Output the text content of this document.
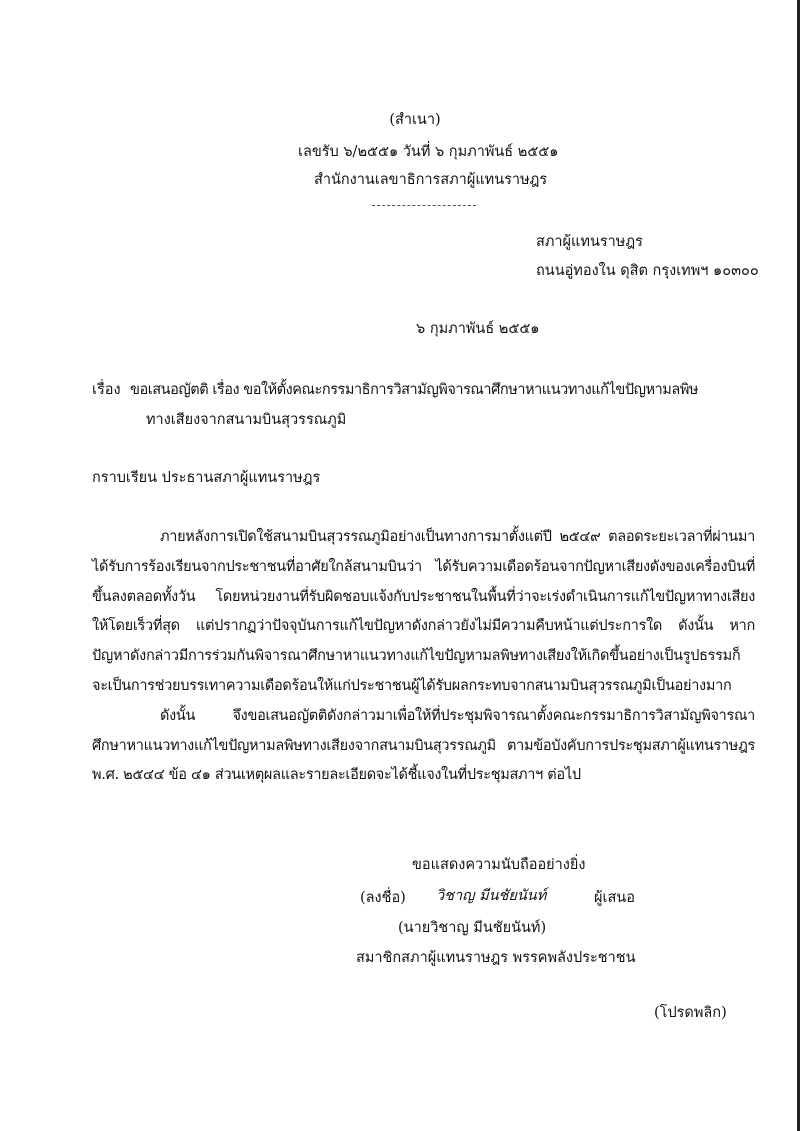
(สำเนา)
เลขรับ ๖/๒๕๕๑ วันที่ ๖ กุมภาพันธ์ ๒๕๕๑
สำนักงานเลขาธิการสภาผู้แทนราษฎร
สภาผู้แทนราษฎร
ถนนอู่ทองใน ดุสิต กรุงเทพฯ ๑๐๓๐๐
๖ กุมภาพันธ์ ๒๕๕๑
เรื่อง ขอเสนอญัตติ เรื่อง ขอให้ตั้งคณะกรรมาธิการวิสามัญพิจารณาศึกษาหาแนวทางแก้ไขปัญหามลพิษ
ทางเสียงจากสนามบินสุวรรณภูมิ
กราบเรียน ประธานสภาผู้แทนราษฎร

ภายหลังการเปิดใช้สนามบินสุวรรณภูมิอย่างเป็นทางการมาตั้งแต่ปี ๒๕๔๙ ตลอดระยะเวลาที่ผ่านมา ได้รับการร้องเรียนจากประชาชนที่อาศัยใกล้สนามบินว่า ได้รับความเดือดร้อนจากปัญหาเสียงดังของเครื่องบินที่ขึ้นลงตลอดทั้งวัน โดยหน่วยงานที่รับผิดชอบแจ้งกับประชาชนในพื้นที่ว่าจะเร่งดำเนินการแก้ไขปัญหาทางเสียงให้โดยเร็วที่สุด แต่ปรากฏว่าปัจจุบันการแก้ไขปัญหาดังกล่าวยังไม่มีความคืบหน้าแต่ประการใด ดังนั้น หากปัญหาดังกล่าวมีการร่วมกันพิจารณาศึกษาหาแนวทางแก้ไขปัญหามลพิษทางเสียงให้เกิดขึ้นอย่างเป็นรูปธรรมก็จะเป็นการช่วยบรรเทาความเดือดร้อนให้แก่ประชาชนผู้ได้รับผลกระทบจากสนามบินสุวรรณภูมิเป็นอย่างมาก

ดังนั้น จึงขอเสนอญัตติดังกล่าวมาเพื่อให้ที่ประชุมพิจารณาตั้งคณะกรรมาธิการวิสามัญพิจารณาศึกษาหาแนวทางแก้ไขปัญหามลพิษทางเสียงจากสนามบินสุวรรณภูมิ ตามข้อบังคับการประชุมสภาผู้แทนราษฎร พ.ศ. ๒๕๔๔ ข้อ ๔๑ ส่วนเหตุผลและรายละเอียดจะได้ชี้แจงในที่ประชุมสภาฯ ต่อไป

ขอแสดงความนับถืออย่างยิ่ง
(ลงชื่อ) วิชาญ มีนชัยนันท์	ผู้เสนอ
(นายวิชาญ มีนชัยนันท์)
สมาชิกสภาผู้แทนราษฎร พรรคพลังประชาชน
(โปรดพลิก)
